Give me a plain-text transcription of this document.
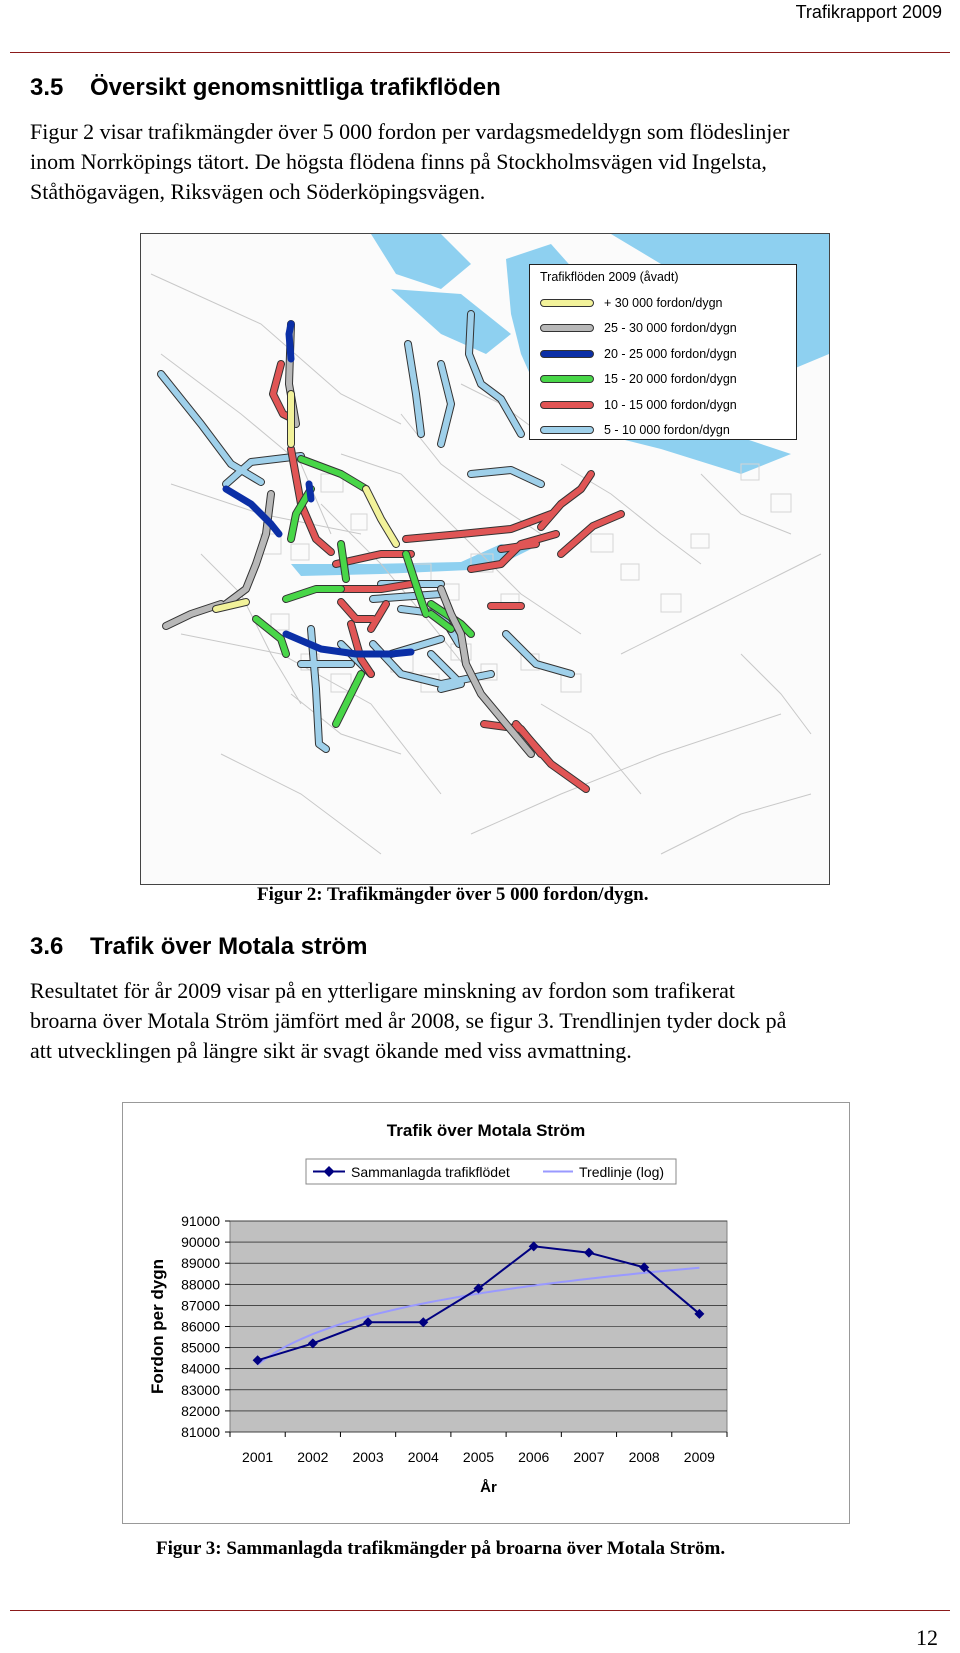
Trafikrapport 2009
3.5 Översikt genomsnittliga trafikflöden
Figur 2 visar trafikmängder över 5 000 fordon per vardagsmedeldygn som flödeslinjer
inom Norrköpings tätort. De högsta flödena finns på Stockholmsvägen vid Ingelsta,
Ståthögavägen, Riksvägen och Söderköpingsvägen.
Trafikflöden 2009 (åvadt)
+ 30 000 fordon/dygn
25 - 30 000 fordon/dygn
20 - 25 000 fordon/dygn
15 - 20 000 fordon/dygn
10 - 15 000 fordon/dygn
5 - 10 000 fordon/dygn
Figur 2: Trafikmängder över 5 000 fordon/dygn.
3.6 Trafik över Motala ström
Resultatet för år 2009 visar på en ytterligare minskning av fordon som trafikerat
broarna över Motala Ström jämfört med år 2008, se figur 3. Trendlinjen tyder dock på
att utvecklingen på längre sikt är svagt ökande med viss avmattning.
Trafik över Motala Ström
Sammanlagda trafikflödet	Tredlinje (log)
91000
90000
89000
88000
87000
86000
85000
84000
83000
82000
81000
Fordon per dygn
2001 2002 2003 2004 2005 2006 2007 2008 2009
År
Figur 3: Sammanlagda trafikmängder på broarna över Motala Ström.
12
